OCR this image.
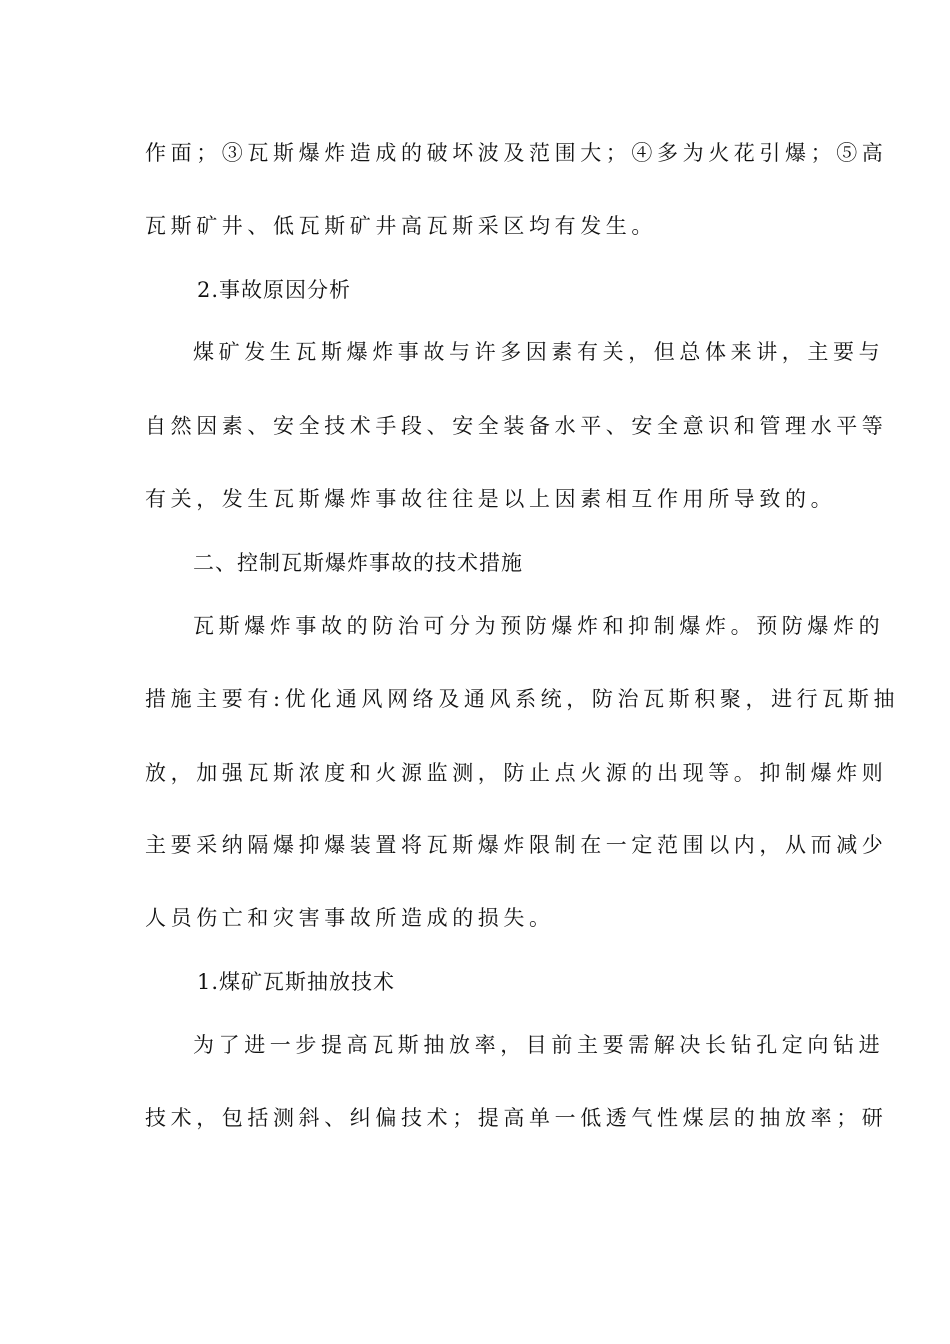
作面；③瓦斯爆炸造成的破坏波及范围大；④多为火花引爆；⑤高
瓦斯矿井、低瓦斯矿井高瓦斯采区均有发生。
2.事故原因分析
煤矿发生瓦斯爆炸事故与许多因素有关，但总体来讲，主要与
自然因素、安全技术手段、安全装备水平、安全意识和管理水平等
有关，发生瓦斯爆炸事故往往是以上因素相互作用所导致的。
二、控制瓦斯爆炸事故的技术措施
瓦斯爆炸事故的防治可分为预防爆炸和抑制爆炸。预防爆炸的
措施主要有:优化通风网络及通风系统，防治瓦斯积聚，进行瓦斯抽
放，加强瓦斯浓度和火源监测，防止点火源的出现等。抑制爆炸则
主要采纳隔爆抑爆装置将瓦斯爆炸限制在一定范围以内，从而减少
人员伤亡和灾害事故所造成的损失。
1.煤矿瓦斯抽放技术
为了进一步提高瓦斯抽放率，目前主要需解决长钻孔定向钻进
技术，包括测斜、纠偏技术；提高单一低透气性煤层的抽放率；研
